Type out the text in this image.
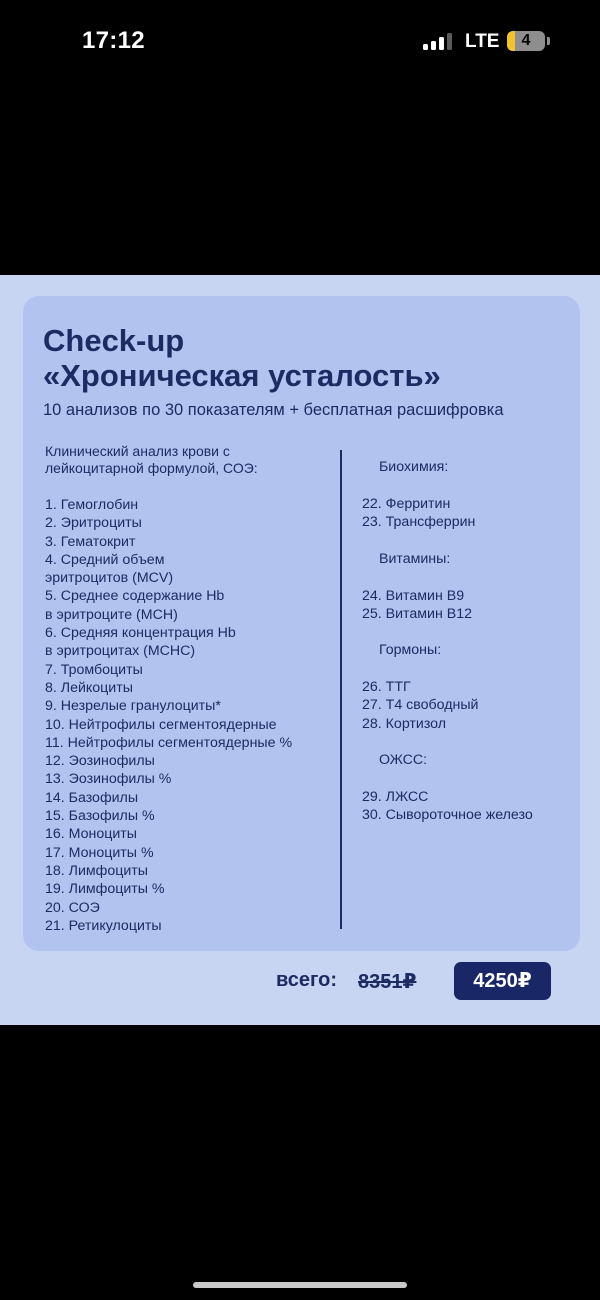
17:12	LTE	4
Check-up
«Хроническая усталость»
10 анализов по 30 показателям + бесплатная расшифровка
Клинический анализ крови с лейкоцитарной формулой, СОЭ:
1. Гемоглобин
2. Эритроциты
3. Гематокрит
4. Средний объем
эритроцитов (MCV)
5. Среднее содержание Hb
в эритроците (MCH)
6. Средняя концентрация Hb
в эритроцитах (MCHC)
7. Тромбоциты
8. Лейкоциты
9. Незрелые гранулоциты*
10. Нейтрофилы сегментоядерные
11. Нейтрофилы сегментоядерные %
12. Эозинофилы
13. Эозинофилы %
14. Базофилы
15. Базофилы %
16. Моноциты
17. Моноциты %
18. Лимфоциты
19. Лимфоциты %
20. СОЭ
21. Ретикулоциты
Биохимия:
22. Ферритин
23. Трансферрин
Витамины:
24. Витамин B9
25. Витамин B12
Гормоны:
26. ТТГ
27. Т4 свободный
28. Кортизол
ОЖСС:
29. ЛЖСС
30. Сывороточное железо
всего: 8351₽	4250₽
